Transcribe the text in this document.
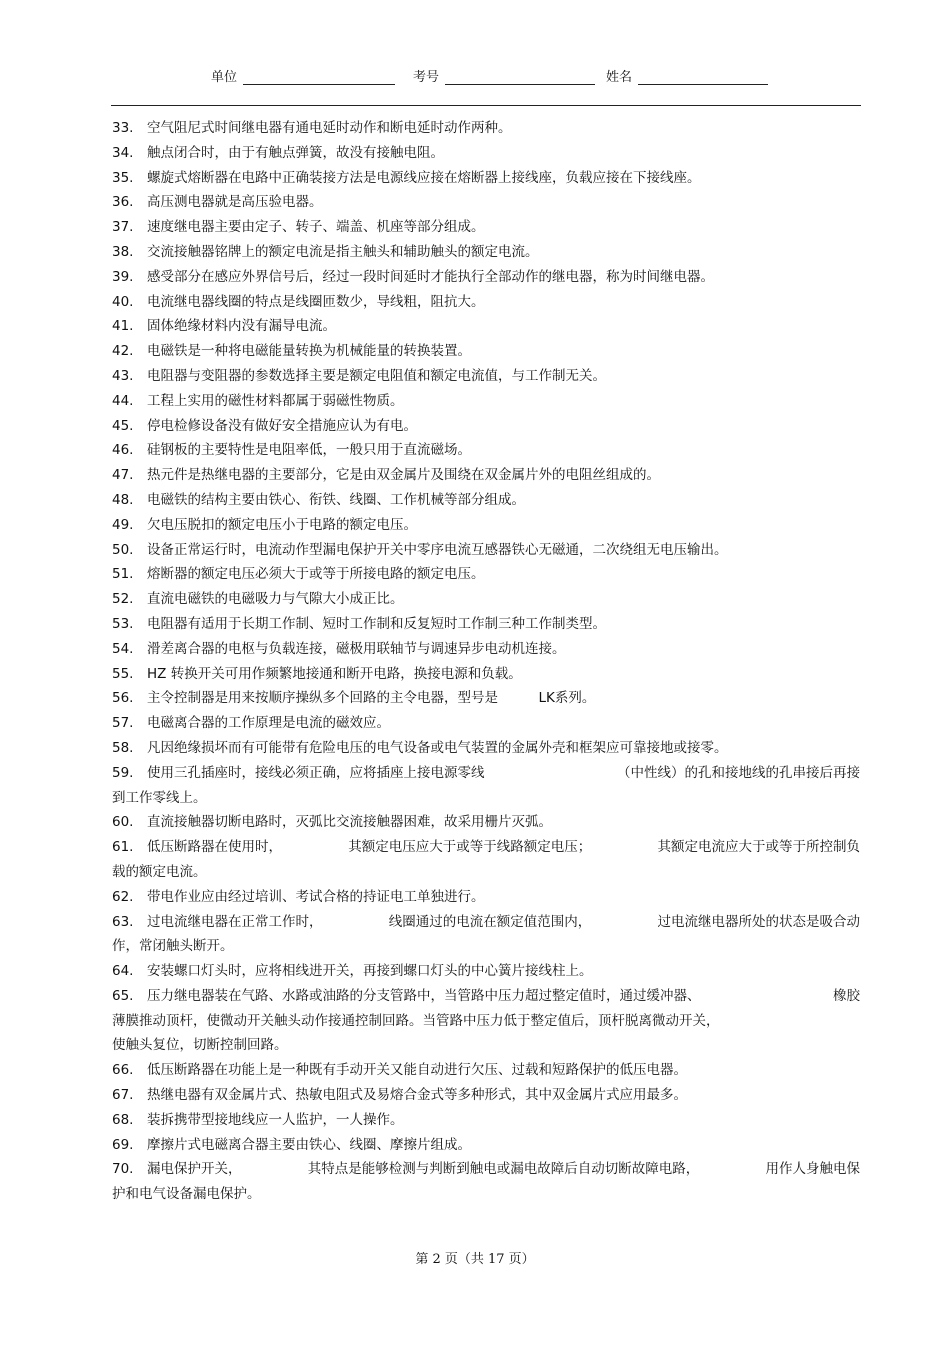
单位	考号	姓名
33. 空气阻尼式时间继电器有通电延时动作和断电延时动作两种。
34. 触点闭合时，由于有触点弹簧，故没有接触电阻。
35. 螺旋式熔断器在电路中正确装接方法是电源线应接在熔断器上接线座，负载应接在下接线座。
36. 高压测电器就是高压验电器。
37. 速度继电器主要由定子、转子、端盖、机座等部分组成。
38. 交流接触器铭牌上的额定电流是指主触头和辅助触头的额定电流。
39. 感受部分在感应外界信号后，经过一段时间延时才能执行全部动作的继电器，称为时间继电器。
40. 电流继电器线圈的特点是线圈匝数少，导线粗，阻抗大。
41. 固体绝缘材料内没有漏导电流。
42. 电磁铁是一种将电磁能量转换为机械能量的转换装置。
43. 电阻器与变阻器的参数选择主要是额定电阻值和额定电流值，与工作制无关。
44. 工程上实用的磁性材料都属于弱磁性物质。
45. 停电检修设备没有做好安全措施应认为有电。
46. 硅钢板的主要特性是电阻率低，一般只用于直流磁场。
47. 热元件是热继电器的主要部分，它是由双金属片及围绕在双金属片外的电阻丝组成的。
48. 电磁铁的结构主要由铁心、衔铁、线圈、工作机械等部分组成。
49. 欠电压脱扣的额定电压小于电路的额定电压。
50. 设备正常运行时，电流动作型漏电保护开关中零序电流互感器铁心无磁通，二次绕组无电压输出。
51. 熔断器的额定电压必须大于或等于所接电路的额定电压。
52. 直流电磁铁的电磁吸力与气隙大小成正比。
53. 电阻器有适用于长期工作制、短时工作制和反复短时工作制三种工作制类型。
54. 滑差离合器的电枢与负载连接，磁极用联轴节与调速异步电动机连接。
55. HZ 转换开关可用作频繁地接通和断开电路，换接电源和负载。
56. 主令控制器是用来按顺序操纵多个回路的主令电器，型号是　　　LK系列。
57. 电磁离合器的工作原理是电流的磁效应。
58. 凡因绝缘损坏而有可能带有危险电压的电气设备或电气装置的金属外壳和框架应可靠接地或接零。
59. 使用三孔插座时，接线必须正确，应将插座上接电源零线	（中性线）的孔和接地线的孔串接后再接
到工作零线上。
60. 直流接触器切断电路时，灭弧比交流接触器困难，故采用栅片灭弧。
61. 低压断路器在使用时，	其额定电压应大于或等于线路额定电压；	其额定电流应大于或等于所控制负
载的额定电流。
62. 带电作业应由经过培训、考试合格的持证电工单独进行。
63. 过电流继电器在正常工作时，	线圈通过的电流在额定值范围内，	过电流继电器所处的状态是吸合动
作，常闭触头断开。
64. 安装螺口灯头时，应将相线进开关，再接到螺口灯头的中心簧片接线柱上。
65. 压力继电器装在气路、水路或油路的分支管路中，当管路中压力超过整定值时，通过缓冲器、	橡胶
薄膜推动顶杆，使微动开关触头动作接通控制回路。当管路中压力低于整定值后，顶杆脱离微动开关，
使触头复位，切断控制回路。
66. 低压断路器在功能上是一种既有手动开关又能自动进行欠压、过载和短路保护的低压电器。
67. 热继电器有双金属片式、热敏电阻式及易熔合金式等多种形式，其中双金属片式应用最多。
68. 装拆携带型接地线应一人监护，一人操作。
69. 摩擦片式电磁离合器主要由铁心、线圈、摩擦片组成。
70. 漏电保护开关，	其特点是能够检测与判断到触电或漏电故障后自动切断故障电路，	用作人身触电保
护和电气设备漏电保护。
第 2 页（共 17 页）
